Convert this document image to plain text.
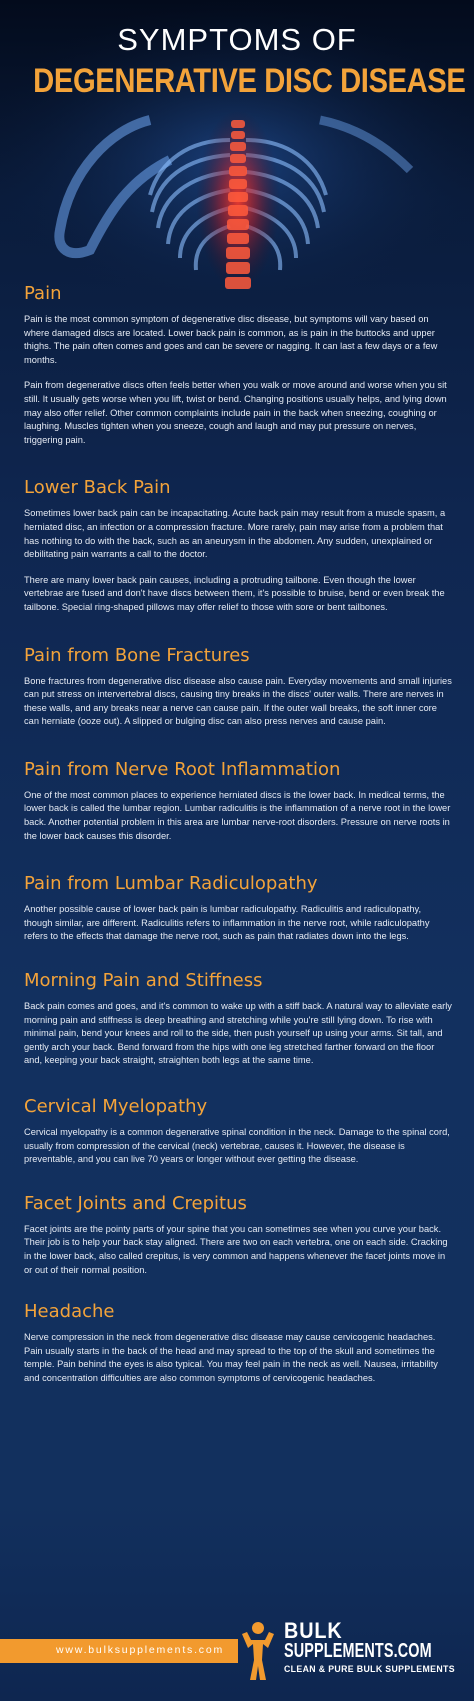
SYMPTOMS OF
DEGENERATIVE DISC DISEASE
Pain

Pain is the most common symptom of degenerative disc disease, but symptoms will vary based on where damaged discs are located. Lower back pain is common, as is pain in the buttocks and upper thighs. The pain often comes and goes and can be severe or nagging. It can last a few days or a few months.

Pain from degenerative discs often feels better when you walk or move around and worse when you sit still. It usually gets worse when you lift, twist or bend. Changing positions usually helps, and lying down may also offer relief. Other common complaints include pain in the back when sneezing, coughing or laughing. Muscles tighten when you sneeze, cough and laugh and may put pressure on nerves, triggering pain.

Lower Back Pain

Sometimes lower back pain can be incapacitating. Acute back pain may result from a muscle spasm, a herniated disc, an infection or a compression fracture. More rarely, pain may arise from a problem that has nothing to do with the back, such as an aneurysm in the abdomen. Any sudden, unexplained or debilitating pain warrants a call to the doctor.

There are many lower back pain causes, including a protruding tailbone. Even though the lower vertebrae are fused and don't have discs between them, it's possible to bruise, bend or even break the tailbone. Special ring-shaped pillows may offer relief to those with sore or bent tailbones.

Pain from Bone Fractures

Bone fractures from degenerative disc disease also cause pain. Everyday movements and small injuries can put stress on intervertebral discs, causing tiny breaks in the discs' outer walls. There are nerves in these walls, and any breaks near a nerve can cause pain. If the outer wall breaks, the soft inner core can herniate (ooze out). A slipped or bulging disc can also press nerves and cause pain.

Pain from Nerve Root Inflammation

One of the most common places to experience herniated discs is the lower back. In medical terms, the lower back is called the lumbar region. Lumbar radiculitis is the inflammation of a nerve root in the lower back. Another potential problem in this area are lumbar nerve-root disorders. Pressure on nerve roots in the lower back causes this disorder.

Pain from Lumbar Radiculopathy

Another possible cause of lower back pain is lumbar radiculopathy. Radiculitis and radiculopathy, though similar, are different. Radiculitis refers to inflammation in the nerve root, while radiculopathy refers to the effects that damage the nerve root, such as pain that radiates down into the legs.

Morning Pain and Stiffness

Back pain comes and goes, and it's common to wake up with a stiff back. A natural way to alleviate early morning pain and stiffness is deep breathing and stretching while you're still lying down. To rise with minimal pain, bend your knees and roll to the side, then push yourself up using your arms. Sit tall, and gently arch your back. Bend forward from the hips with one leg stretched farther forward on the floor and, keeping your back straight, straighten both legs at the same time.

Cervical Myelopathy

Cervical myelopathy is a common degenerative spinal condition in the neck. Damage to the spinal cord, usually from compression of the cervical (neck) vertebrae, causes it. However, the disease is preventable, and you can live 70 years or longer without ever getting the disease.

Facet Joints and Crepitus

Facet joints are the pointy parts of your spine that you can sometimes see when you curve your back. Their job is to help your back stay aligned. There are two on each vertebra, one on each side. Cracking in the lower back, also called crepitus, is very common and happens whenever the facet joints move in or out of their normal position.

Headache

Nerve compression in the neck from degenerative disc disease may cause cervicogenic headaches. Pain usually starts in the back of the head and may spread to the top of the skull and sometimes the temple. Pain behind the eyes is also typical. You may feel pain in the neck as well. Nausea, irritability and concentration difficulties are also common symptoms of cervicogenic headaches.

www.bulksupplements.com
BULK
SUPPLEMENTS.COM
CLEAN & PURE BULK SUPPLEMENTS
